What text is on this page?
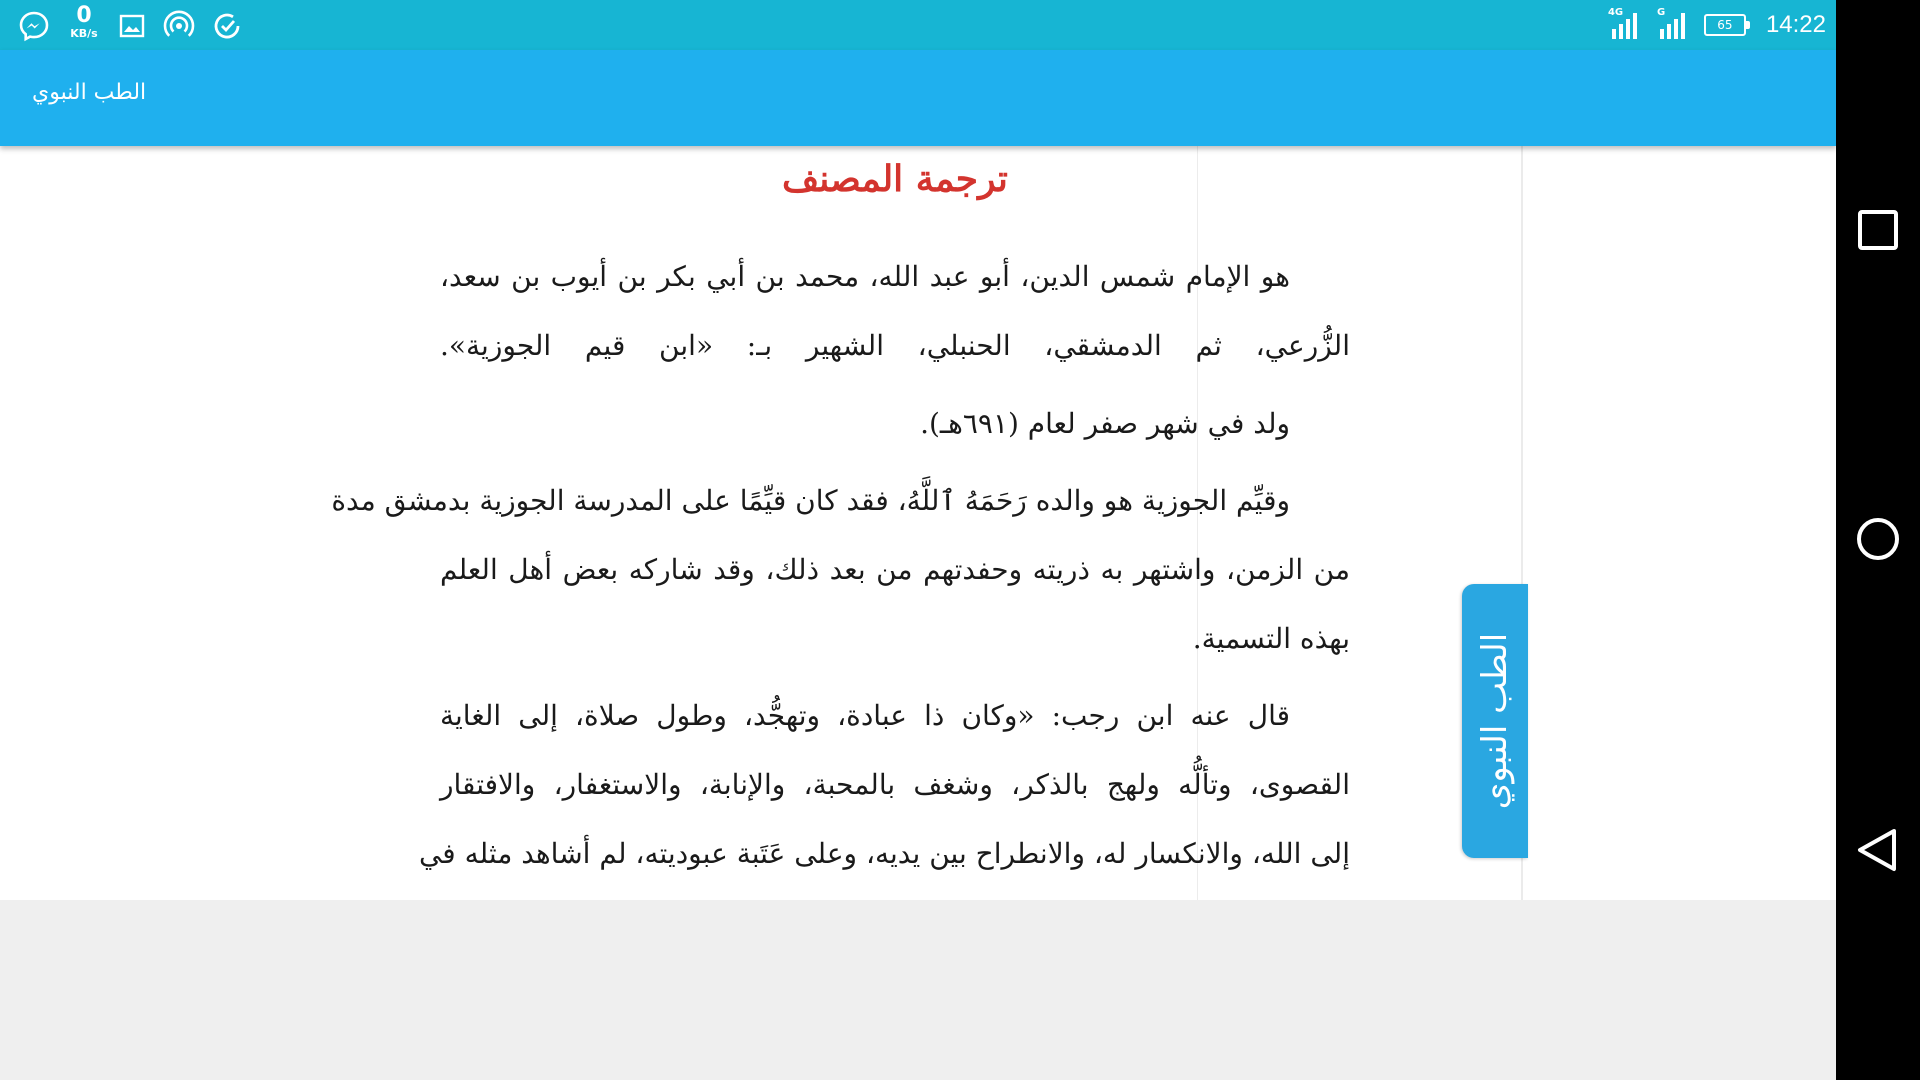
0
KB/s
4G	G
65 14:22
الطب النبوي
ترجمة المصنف
هو الإمام شمس الدين، أبو عبد الله، محمد بن أبي بكر بن أيوب بن سعد،
الزُّرعي، ثم الدمشقي، الحنبلي، الشهير بـ: «ابن قيم الجوزية».
ولد في شهر صفر لعام (٦٩١هـ).
وقيِّم الجوزية هو والده رَحَمَهُ ٱللَّهُ، فقد كان قيِّمًا على المدرسة الجوزية بدمشق مدة
من الزمن، واشتهر به ذريته وحفدتهم من بعد ذلك، وقد شاركه بعض أهل العلم
بهذه التسمية.
قال عنه ابن رجب: «وكان ذا عبادة، وتهجُّد، وطول صلاة، إلى الغاية
القصوى، وتألُّه ولهج بالذكر، وشغف بالمحبة، والإنابة، والاستغفار، والافتقار
إلى الله، والانكسار له، والانطراح بين يديه، وعلى عَتَبة عبوديته، لم أشاهد مثله في
الطب النبوي
